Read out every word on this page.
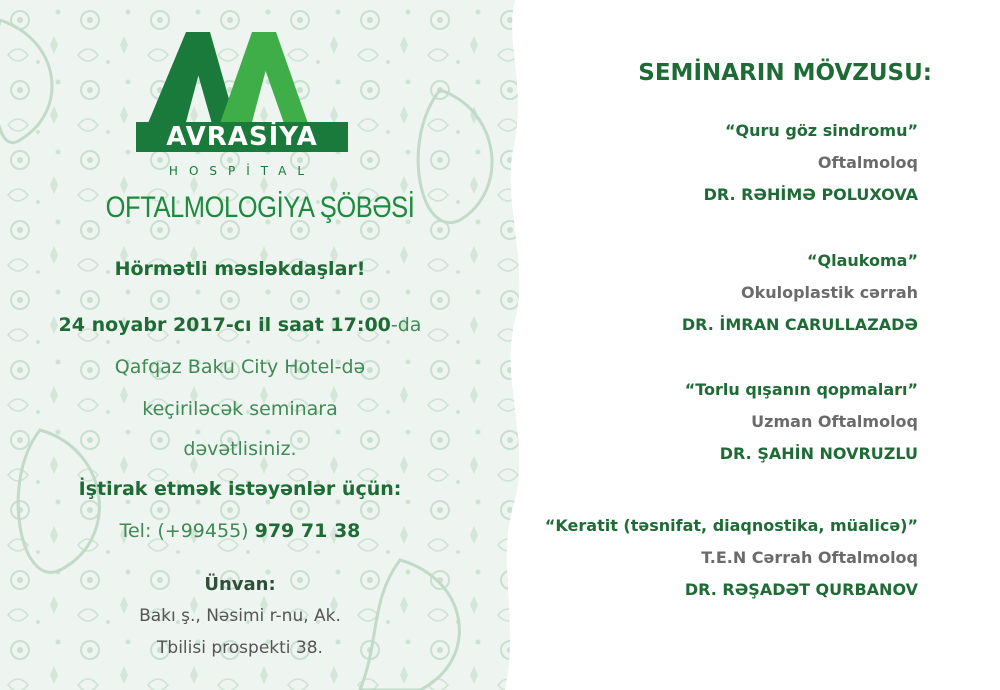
AVRASİYA
HOSPİTAL
OFTALMOLOGİYA ŞÖBƏSİ
Hörmətli məsləkdaşlar!
24 noyabr 2017-cı il saat 17:00-da
Qafqaz Baku City Hotel-də
keçiriləcək seminara
dəvətlisiniz.
İştirak etmək istəyənlər üçün:
Tel: (+99455) 979 71 38
Ünvan:
Bakı ş., Nəsimi r-nu, Ak.
Tbilisi prospekti 38.
SEMİNARIN MÖVZUSU:
“Quru göz sindromu”
Oftalmoloq
DR. RƏHİMƏ POLUXOVA
“Qlaukoma”
Okuloplastik cərrah
DR. İMRAN CARULLAZADƏ
“Torlu qışanın qopmaları”
Uzman Oftalmoloq
DR. ŞAHİN NOVRUZLU
“Keratit (təsnifat, diaqnostika, müalicə)”
T.E.N Cərrah Oftalmoloq
DR. RƏŞADƏT QURBANOV
